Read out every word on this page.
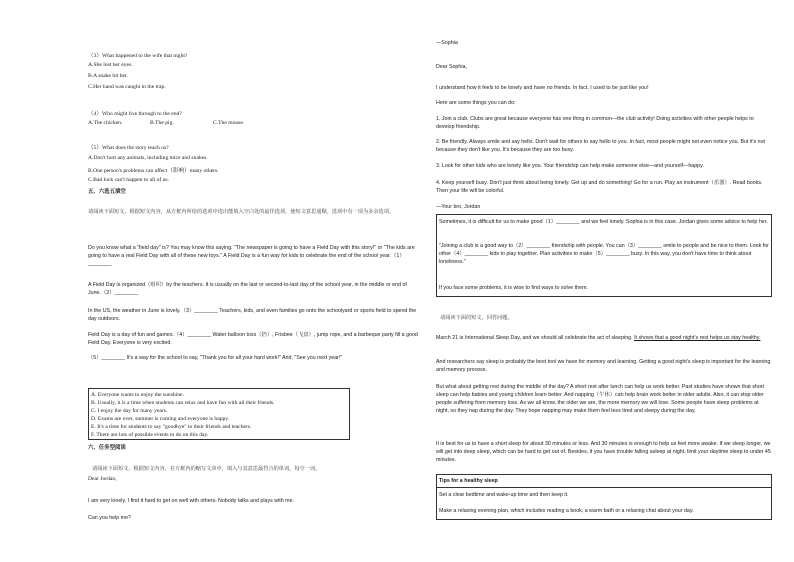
（3）What happened to the wife that night?

A.She lost her eyes.

B.A snake bit her.

C.Her hand was caught in the trap.

（4）Who might live through to the end?

A.The chicken.	B.The pig.	C.The mouse.

（5）What does the story teach us?

A.Don't hurt any animals, including mice and snakes.

B.One person's problems can affect（影响）many others.

C.Bad luck can't happen to all of us.

五、六选五填空

请阅读下面短文，根据短文内容，从方框内所给的选项中选出能填入空白处的最佳选项，使短文意思通顺。选项中有一项为多余选项。

Do you know what a "field day" is? You may know this saying. "The newspaper is going to have a Field Day with this story!" or "The kids are going to have a real Field Day with all of these new toys." A Field Day is a fun way for kids to celebrate the end of the school year.（1）________

A Field Day is organized（组织）by the teachers. It is usually on the last or second-to-last day of the school year, in the middle or end of June.（2）________

In the US, the weather in June is lovely.（3）________ Teachers, kids, and even families go onto the schoolyard or sports field to spend the day outdoors.

Field Day is a day of fun and games.（4）________ Water balloon toss（扔）, Frisbee（飞盘）, jump rope, and a barbeque party fill a good Field Day. Everyone is very excited.

（5）________ It's a way for the school to say, "Thank you for all your hard work!" And, "See you next year!"

A. Everyone wants to enjoy the sunshine.

B. Usually, it is a time when students can relax and have fun with all their friends.

C. I enjoy the day for many years.

D. Exams are over, summer is coming and everyone is happy.

E. It's a time for students to say "goodbye" to their friends and teachers.

F. There are lots of possible events to do on this day.

六、任务型阅读

请阅读下面短文，根据短文内容，在方框内的缩写文章中，填入与其意思最符合的单词。每空一词。

Dear Jordan,

I am very lonely. I find it hard to get on well with others. Nobody talks and plays with me.

Can you help me?

—Sophia

Dear Sophia,

I understand how it feels to be lonely and have no friends. In fact, I used to be just like you!

Here are some things you can do:

1. Join a club. Clubs are great because everyone has one thing in common—the club activity! Doing activities with other people helps to develop friendship.

2. Be friendly. Always smile and say hello. Don't wait for others to say hello to you. In fact, most people might not even notice you. But it's not because they don't like you. It's because they are too busy.

3. Look for other kids who are lonely like you. Your friendship can help make someone else—and yourself—happy.

4. Keep yourself busy. Don't just think about being lonely. Get up and do something! Go for a run. Play an instrument（乐器）. Read books. Then your life will be colorful.

—Your bro, Jordan

Sometimes, it is difficult for us to make good（1）________ and we feel lonely. Sophia is in this case. Jordan gives some advice to help her.

"Joining a club is a good way to（2）________ friendship with people. You can（3）________ smile to people and be nice to them. Look for other（4）________ kids to play together. Plan activities to make（5）________ busy. In this way, you don't have time to think about loneliness."

If you face some problems, it is wise to find ways to solve them.

请阅读下面的短文，回答问题。

March 21 is International Sleep Day, and we should all celebrate the act of sleeping. It shows that a good night's rest helps us stay healthy.

And researchers say sleep is probably the best tool we have for memory and learning. Getting a good night's sleep is important for the learning and memory process.

But what about getting rest during the middle of the day? A short rest after lunch can help us work better. Past studies have shown that short sleep can help babies and young children learn better. And napping（午休）can help brain work better in older adults. Also, it can stop older people suffering from memory loss. As we all know, the older we are, the more memory we will lose. Some people have sleep problems at night, so they nap during the day. They hope napping may make them feel less tired and sleepy during the day.

It is best for us to have a short sleep for about 30 minutes or less. And 30 minutes is enough to help us feel more awake. If we sleep longer, we will get into deep sleep, which can be hard to get out of. Besides, if you have trouble falling asleep at night, limit your daytime sleep to under 45 minutes.

Tips for a healthy sleep

Set a clear bedtime and wake-up time and then keep it.

Make a relaxing evening plan, which includes reading a book, a warm bath or a relaxing chat about your day.
